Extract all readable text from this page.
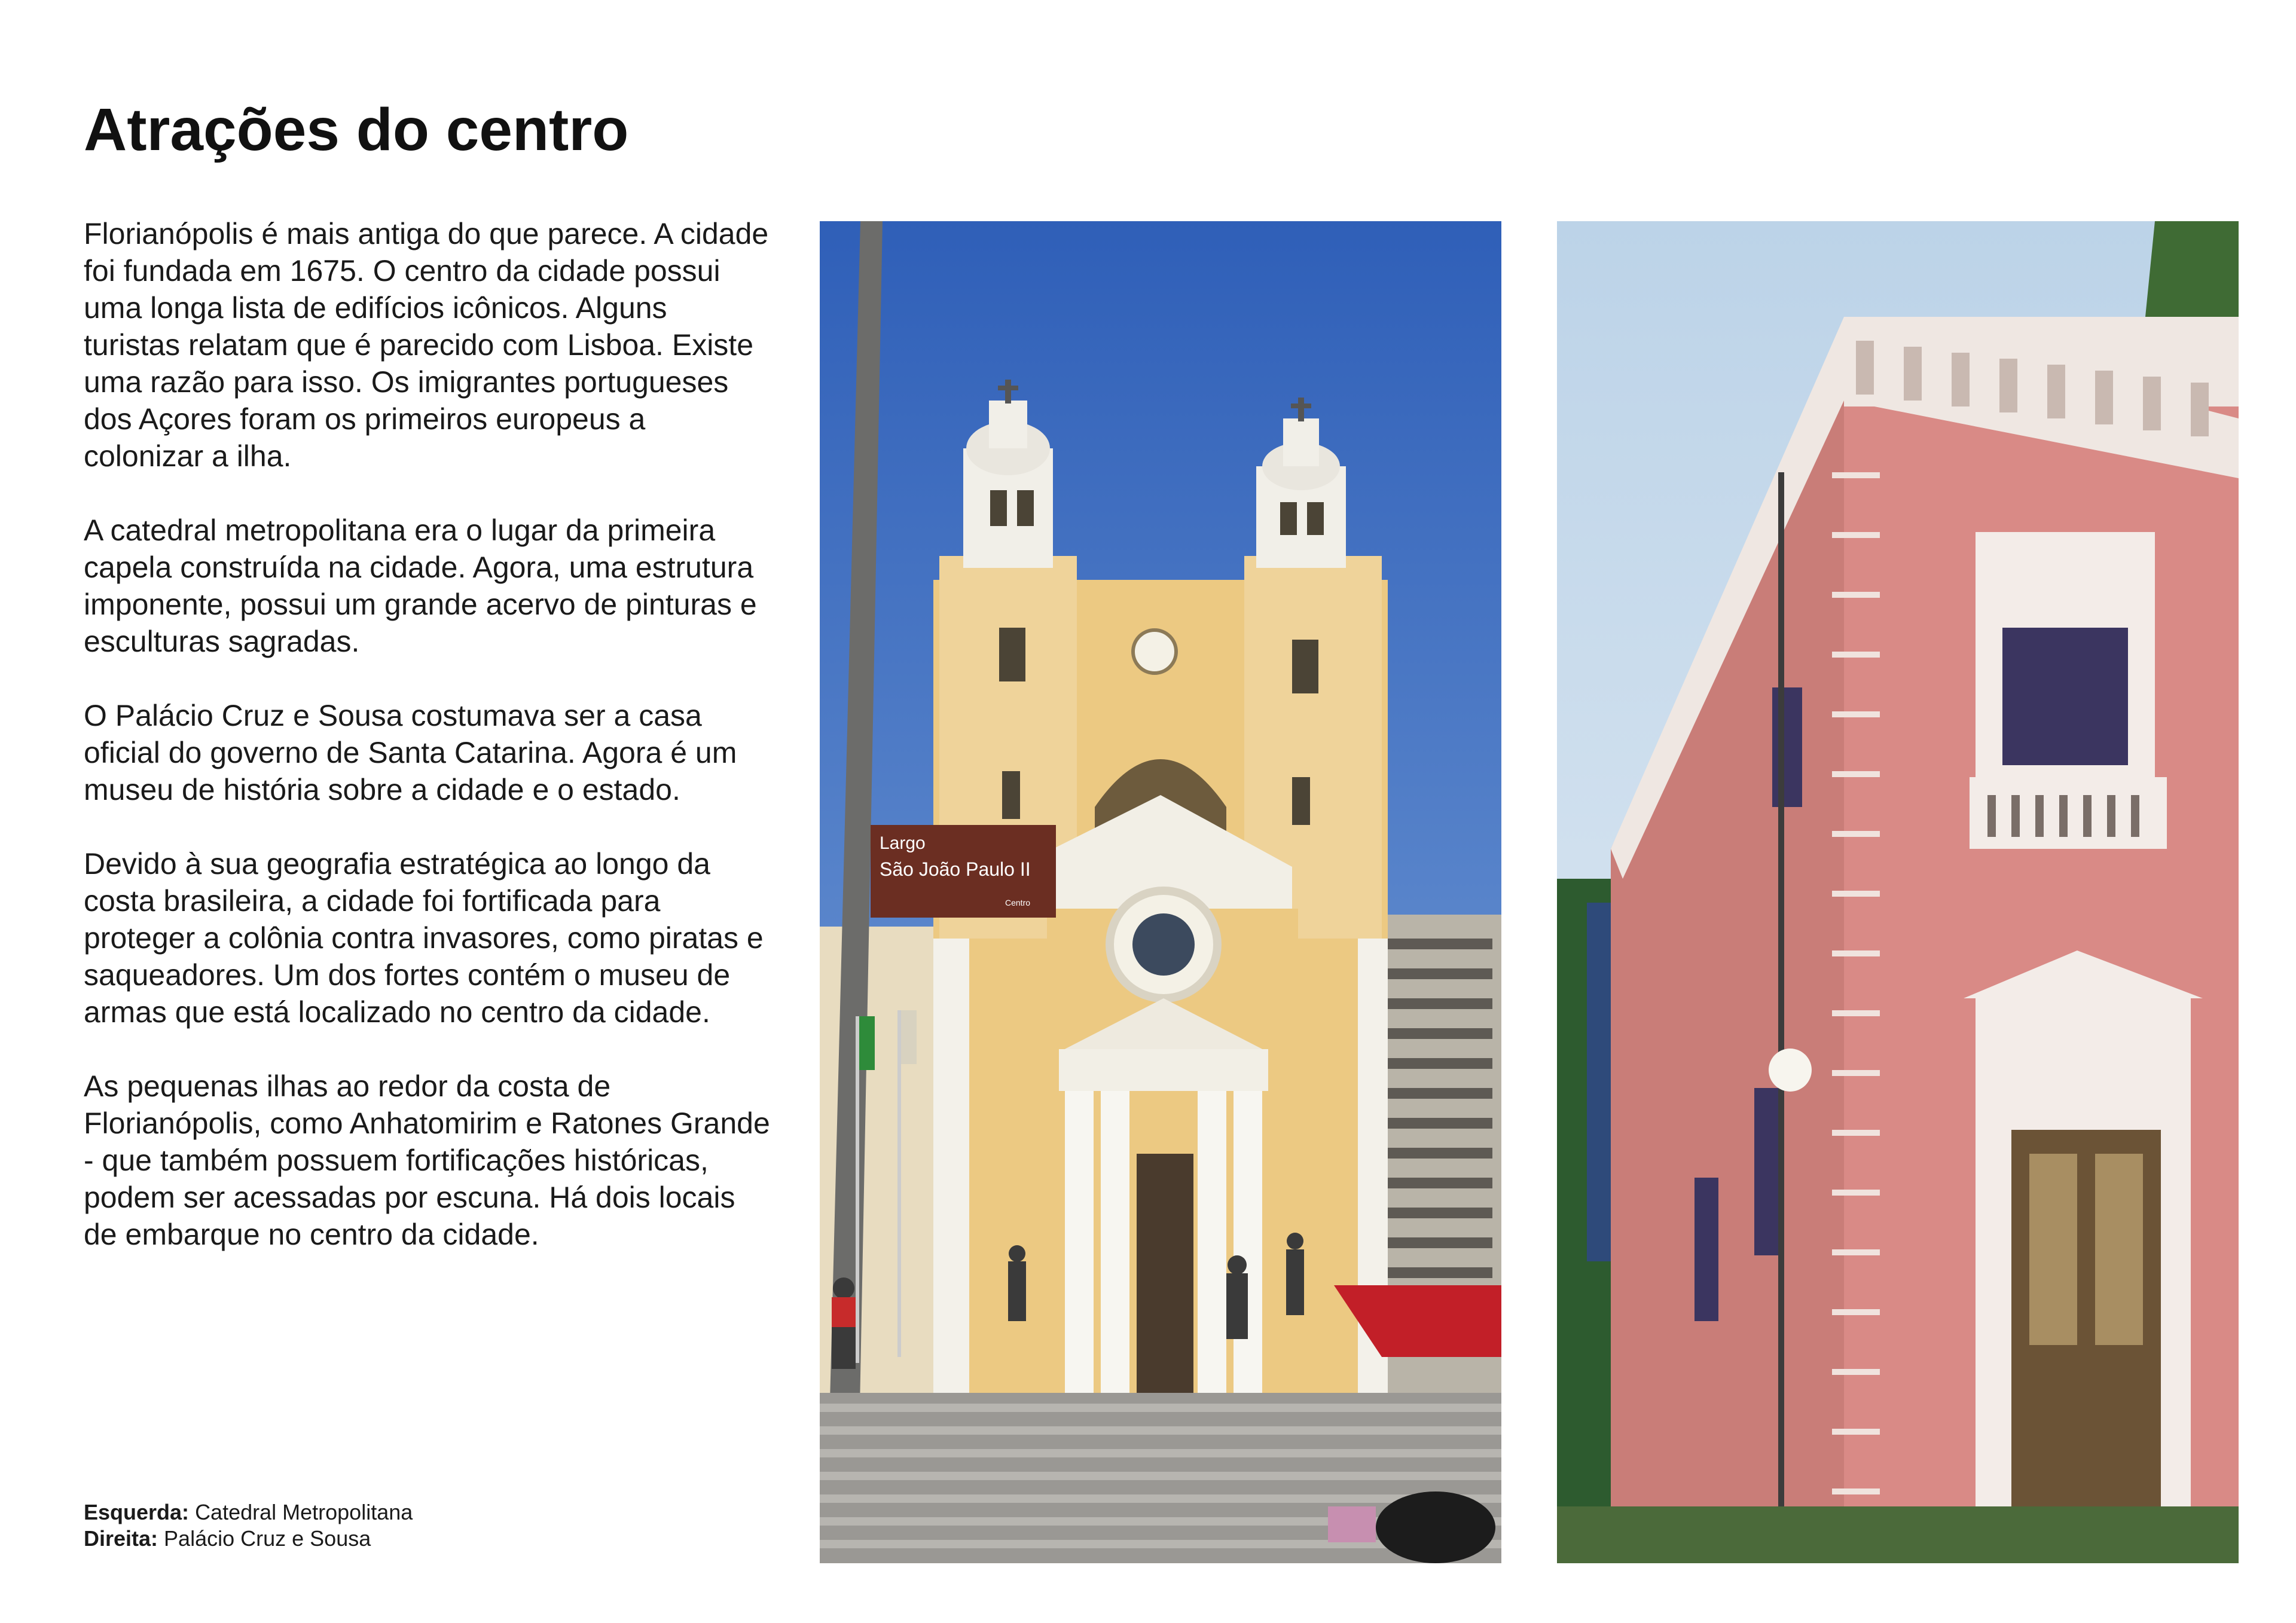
Atrações do centro

Florianópolis é mais antiga do que parece. A cidade foi fundada em 1675. O centro da cidade possui uma longa lista de edifícios icônicos. Alguns turistas relatam que é parecido com Lisboa. Existe uma razão para isso. Os imigrantes portugueses dos Açores foram os primeiros europeus a colonizar a ilha.

A catedral metropolitana era o lugar da primeira capela construída na cidade. Agora, uma estrutura imponente, possui um grande acervo de pinturas e esculturas sagradas.

O Palácio Cruz e Sousa costumava ser a casa oficial do governo de Santa Catarina. Agora é um museu de história sobre a cidade e o estado.

Devido à sua geografia estratégica ao longo da costa brasileira, a cidade foi fortificada para proteger a colônia contra invasores, como piratas e saqueadores. Um dos fortes contém o museu de armas que está localizado no centro da cidade.

As pequenas ilhas ao redor da costa de Florianópolis, como Anhatomirim e Ratones Grande - que também possuem fortificações históricas, podem ser acessadas por escuna. Há dois locais de embarque no centro da cidade.

Esquerda: Catedral Metropolitana
Direita: Palácio Cruz e Sousa
Largo
São João Paulo II
Centro
